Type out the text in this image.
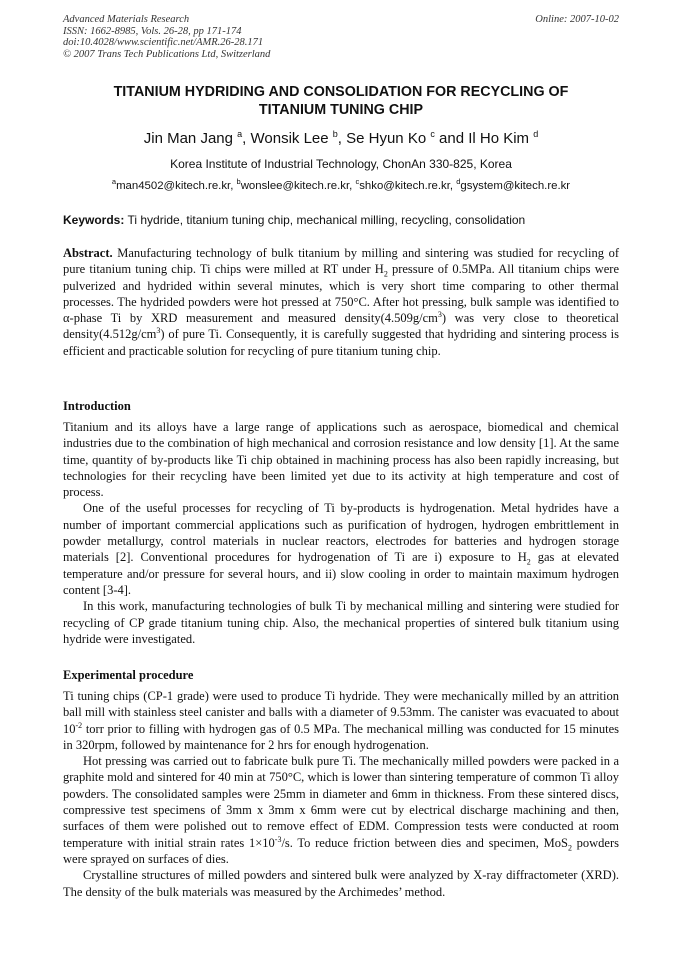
Advanced Materials Research
ISSN: 1662-8985, Vols. 26-28, pp 171-174
doi:10.4028/www.scientific.net/AMR.26-28.171
© 2007 Trans Tech Publications Ltd, Switzerland
Online: 2007-10-02
TITANIUM HYDRIDING AND CONSOLIDATION FOR RECYCLING OF
TITANIUM TUNING CHIP
Jin Man Jang $^a$, Wonsik Lee $^b$, Se Hyun Ko $^c$ and Il Ho Kim $^d$
Korea Institute of Industrial Technology, ChonAn 330-825, Korea
$^a$man4502@kitech.re.kr, $^b$wonslee@kitech.re.kr, $^c$shko@kitech.re.kr, $^d$gsystem@kitech.re.kr
Keywords: Ti hydride, titanium tuning chip, mechanical milling, recycling, consolidation

Abstract. Manufacturing technology of bulk titanium by milling and sintering was studied for recycling of pure titanium tuning chip. Ti chips were milled at RT under $H_2$ pressure of 0.5MPa. All titanium chips were pulverized and hydrided within several minutes, which is very short time comparing to other thermal processes. The hydrided powders were hot pressed at 750°C. After hot pressing, bulk sample was identified to α-phase Ti by XRD measurement and measured $density(4.509g/cm^3)$ was very close to theoretical $density(4.512g/cm^3)$ of pure Ti. Consequently, it is carefully suggested that hydriding and sintering process is efficient and practicable solution for recycling of pure titanium tuning chip.

Introduction
Titanium and its alloys have a large range of applications such as aerospace, biomedical and chemical industries due to the combination of high mechanical and corrosion resistance and low density [1]. At the same time, quantity of by-products like Ti chip obtained in machining process has also been rapidly increasing, but technologies for their recycling have been limited yet due to its activity at high temperature and cost of process.
One of the useful processes for recycling of Ti by-products is hydrogenation. Metal hydrides have a number of important commercial applications such as purification of hydrogen, hydrogen embrittlement in powder metallurgy, control materials in nuclear reactors, electrodes for batteries and hydrogen storage materials [2]. Conventional procedures for hydrogenation of Ti are i) exposure to $H_2$ gas at elevated temperature and/or pressure for several hours, and ii) slow cooling in order to maintain maximum hydrogen content [3-4].
In this work, manufacturing technologies of bulk Ti by mechanical milling and sintering were studied for recycling of CP grade titanium tuning chip. Also, the mechanical properties of sintered bulk titanium using hydride were investigated.
Experimental procedure
Ti tuning chips (CP-1 grade) were used to produce Ti hydride. They were mechanically milled by an attrition ball mill with stainless steel canister and balls with a diameter of 9.53mm. The canister was evacuated to about $10^{-2}$ torr prior to filling with hydrogen gas of 0.5 MPa. The mechanical milling was conducted for 15 minutes in 320rpm, followed by maintenance for 2 hrs for enough hydrogenation.
Hot pressing was carried out to fabricate bulk pure Ti. The mechanically milled powders were packed in a graphite mold and sintered for 40 min at 750°C, which is lower than sintering temperature of common Ti alloy powders. The consolidated samples were 25mm in diameter and 6mm in thickness. From these sintered discs, compressive test specimens of 3mm x 3mm x 6mm were cut by electrical discharge machining and then, surfaces of them were polished out to remove effect of EDM. Compression tests were conducted at room temperature with initial strain rates $1\times 10^{-3}/s$. To reduce friction between dies and specimen, MoS$_2$ powders were sprayed on surfaces of dies.
Crystalline structures of milled powders and sintered bulk were analyzed by X-ray diffractometer (XRD). The density of the bulk materials was measured by the Archimedes’ method.
